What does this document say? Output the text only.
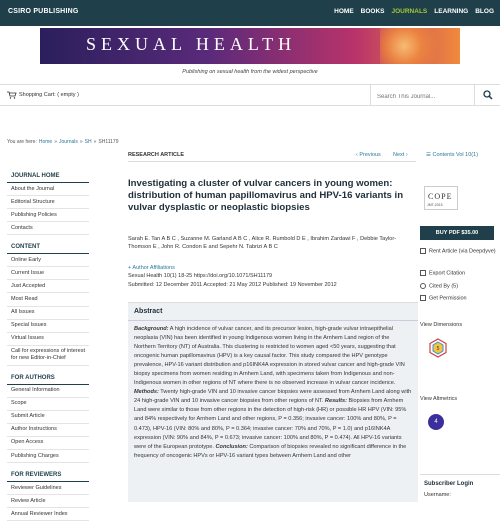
CSIRO PUBLISHING	HOME BOOKS JOURNALS LEARNING BLOG
SEXUAL HEALTH
Publishing on sexual health from the widest perspective
Shopping Cart: ( empty )
Search This Journal...
You are here: Home » Journals » SH » SH11179
JOURNAL HOME
About the Journal
Editorial Structure
Publishing Policies
Contacts
CONTENT
Online Early
Current Issue
Just Accepted
Most Read
All Issues
Special Issues
Virtual Issues
Call for expressions of interest for new Editor-in-Chief
FOR AUTHORS
General Information
Scope
Submit Article
Author Instructions
Open Access
Publishing Charges
FOR REVIEWERS
Reviewer Guidelines
Review Article
Annual Reviewer Index
RESEARCH ARTICLE	‹ Previous Next ›
Investigating a cluster of vulvar cancers in young women: distribution of human papillomavirus and HPV-16 variants in vulvar dysplastic or neoplastic biopsies
Sarah E. Tan A B C , Suzanne M. Garland A B C , Alice R. Rumbold D E , Ibrahim Zardawi F , Debbie Taylor-Thomson E , John R. Condon E and Sepehr N. Tabrizi A B C
+ Author Affiliations
Sexual Health 10(1) 18-25 https://doi.org/10.1071/SH11179
Submitted: 12 December 2011 Accepted: 21 May 2012 Published: 19 November 2012
Abstract
Background: A high incidence of vulvar cancer, and its precursor lesion, high-grade vulvar intraepithelial neoplasia (VIN) has been identified in young Indigenous women living in the Arnhem Land region of the Northern Territory (NT) of Australia. This clustering is restricted to women aged <50 years, suggesting that oncogenic human papillomavirus (HPV) is a key causal factor. This study compared the HPV genotype prevalence, HPV-16 variant distribution and p16INK4A expression in stored vulvar cancer and high-grade VIN biopsy specimens from women residing in Arnhem Land, with specimens taken from Indigenous and non-Indigenous women in other regions of NT where there is no observed increase in vulvar cancer incidence. Methods: Twenty high-grade VIN and 10 invasive cancer biopsies were assessed from Arnhem Land along with 24 high-grade VIN and 10 invasive cancer biopsies from other regions of NT. Results: Biopsies from Arnhem Land were similar to those from other regions in the detection of high-risk (HR) or possible HR HPV (VIN: 95% and 84% respectively for Arnhem Land and other regions, P = 0.356; invasive cancer: 100% and 80%, P = 0.473), HPV-16 (VIN: 80% and 80%, P = 0.364; invasive cancer: 70% and 70%, P = 1.0) and p16INK4A expression (VIN: 90% and 84%, P = 0.673; invasive cancer: 100% and 80%, P = 0.474). All HPV-16 variants were of the European prototype. Conclusion: Comparison of biopsies revealed no significant difference in the frequency of oncogenic HPVs or HPV-16 variant types between Arnhem Land and other
☰ Contents Vol 10(1)
COPE
JMT-2015
BUY PDF $35.00
Rent Article (via Deepdyve)
Export Citation
Cited By (5)
Get Permission
View Dimensions
5
View Altmetrics
4
Subscriber Login
Username:
